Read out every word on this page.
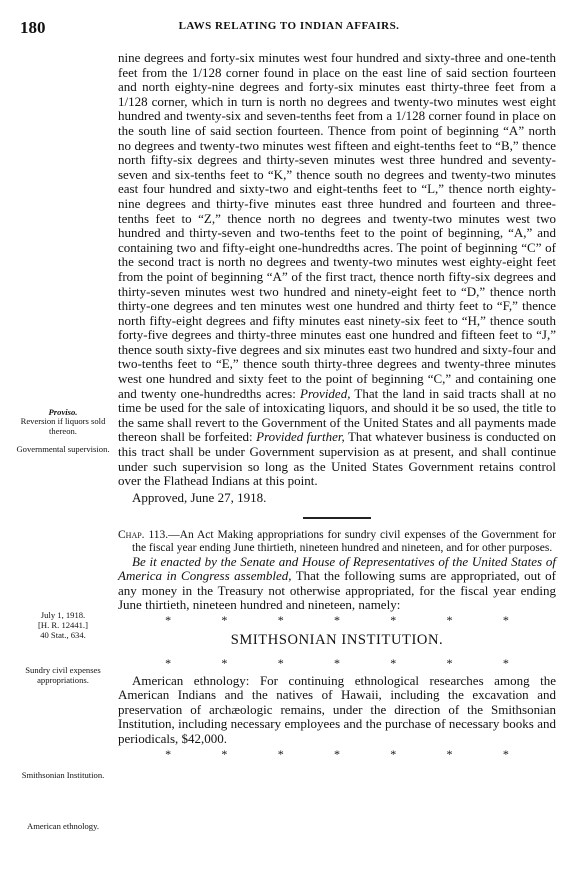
180	LAWS RELATING TO INDIAN AFFAIRS.
Proviso.
Reversion if liquors sold thereon.
Governmental supervision.
July 1, 1918.
[H. R. 12441.]
40 Stat., 634.
Sundry civil expenses appropriations.
Smithsonian Institution.
American ethnology.

nine degrees and forty-six minutes west four hundred and sixty-three and one-tenth feet from the 1/128 corner found in place on the east line of said section fourteen and north eighty-nine degrees and forty-six minutes east thirty-three feet from a 1/128 corner, which in turn is north no degrees and twenty-two minutes west eight hundred and twenty-six and seven-tenths feet from a 1/128 corner found in place on the south line of said section fourteen. Thence from point of beginning “A” north no degrees and twenty-two minutes west fifteen and eight-tenths feet to “B,” thence north fifty-six degrees and thirty-seven minutes west three hundred and seventy-seven and six-tenths feet to “K,” thence south no degrees and twenty-two minutes east four hundred and sixty-two and eight-tenths feet to “L,” thence north eighty-nine degrees and thirty-five minutes east three hundred and fourteen and three-tenths feet to “Z,” thence north no degrees and twenty-two minutes west two hundred and thirty-seven and two-tenths feet to the point of beginning, “A,” and containing two and fifty-eight one-hundredths acres. The point of beginning “C” of the second tract is north no degrees and twenty-two minutes west eighty-eight feet from the point of beginning “A” of the first tract, thence north fifty-six degrees and thirty-seven minutes west two hundred and ninety-eight feet to “D,” thence north thirty-one degrees and ten minutes west one hundred and thirty feet to “F,” thence north fifty-eight degrees and fifty minutes east ninety-six feet to “H,” thence south forty-five degrees and thirty-three minutes east one hundred and fifteen feet to “J,” thence south sixty-five degrees and six minutes east two hundred and sixty-four and two-tenths feet to “E,” thence south thirty-three degrees and twenty-three minutes west one hundred and sixty feet to the point of beginning “C,” and containing one and twenty one-hundredths acres: Provided, That the land in said tracts shall at no time be used for the sale of intoxicating liquors, and should it be so used, the title to the same shall revert to the Government of the United States and all payments made thereon shall be forfeited: Provided further, That whatever business is conducted on this tract shall be under Government supervision as at present, and shall continue under such supervision so long as the United States Government retains control over the Flathead Indians at this point.

Approved, June 27, 1918.

Chap. 113.—An Act Making appropriations for sundry civil expenses of the Government for the fiscal year ending June thirtieth, nineteen hundred and nineteen, and for other purposes.

Be it enacted by the Senate and House of Representatives of the United States of America in Congress assembled, That the following sums are appropriated, out of any money in the Treasury not otherwise appropriated, for the fiscal year ending June thirtieth, nineteen hundred and nineteen, namely:

*	*	*	*	*	*	*
SMITHSONIAN INSTITUTION.
*	*	*	*	*	*	*

American ethnology: For continuing ethnological researches among the American Indians and the natives of Hawaii, including the excavation and preservation of archæologic remains, under the direction of the Smithsonian Institution, including necessary employees and the purchase of necessary books and periodicals, $42,000.

*	*	*	*	*	*	*
